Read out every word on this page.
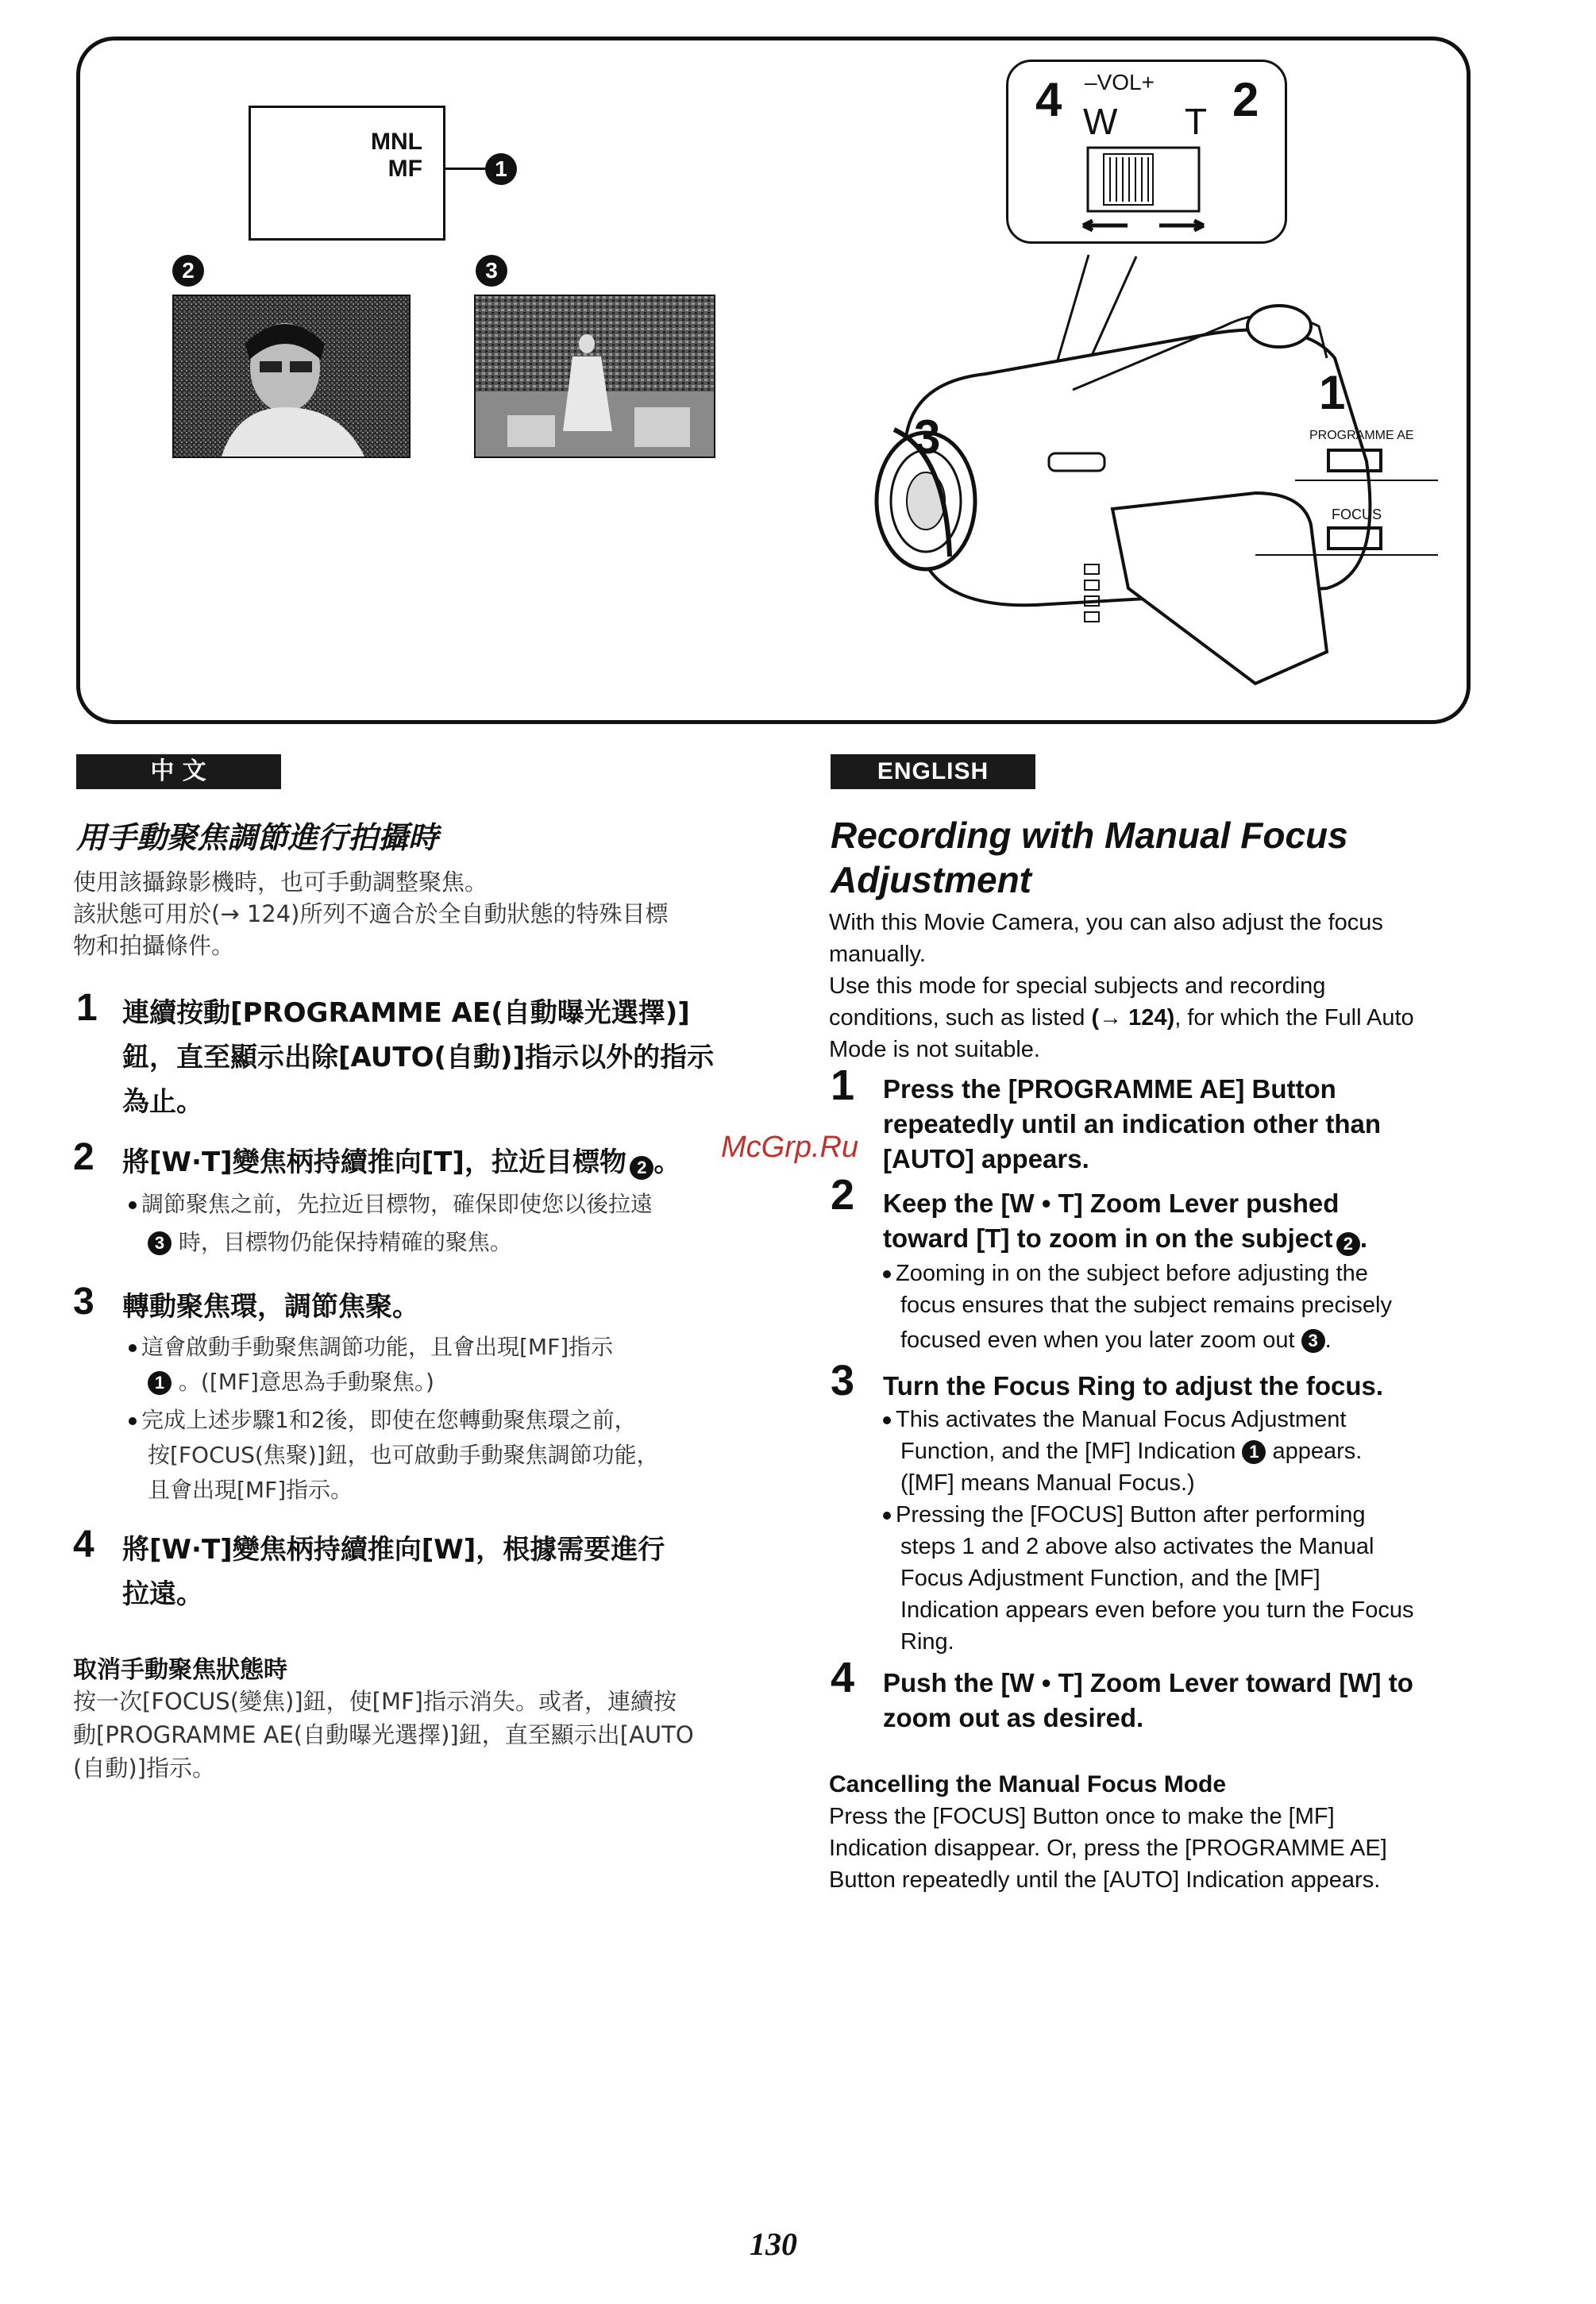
MNL
MF	1
2	3
4	2
–VOL+
W T
3
1
PROGRAMME AE
FOCUS
中 文
用手動聚焦調節進行拍攝時
使用該攝錄影機時，也可手動調整聚焦。
該狀態可用於(→ 124)所列不適合於全自動狀態的特殊目標
物和拍攝條件。
1 連續按動[PROGRAMME AE(自動曝光選擇)]
鈕，直至顯示出除[AUTO(自動)]指示以外的指示
為止。
2 將[W·T]變焦柄持續推向[T]，拉近目標物 2 。
調節聚焦之前，先拉近目標物，確保即使您以後拉遠
3 時，目標物仍能保持精確的聚焦。
3 轉動聚焦環，調節焦聚。
這會啟動手動聚焦調節功能，且會出現[MF]指示
1 。([MF]意思為手動聚焦。)
完成上述步驟1和2後，即使在您轉動聚焦環之前，
按[FOCUS(焦聚)]鈕，也可啟動手動聚焦調節功能，
且會出現[MF]指示。
4 將[W·T]變焦柄持續推向[W]，根據需要進行
拉遠。
取消手動聚焦狀態時
按一次[FOCUS(變焦)]鈕，使[MF]指示消失。或者，連續按
動[PROGRAMME AE(自動曝光選擇)]鈕，直至顯示出[AUTO
(自動)]指示。
ENGLISH
Recording with Manual Focus
Adjustment
With this Movie Camera, you can also adjust the focus
manually.
Use this mode for special subjects and recording
conditions, such as listed (→ 124), for which the Full Auto
Mode is not suitable.
1 Press the [PROGRAMME AE] Button
repeatedly until an indication other than
[AUTO] appears.
2 Keep the [W • T] Zoom Lever pushed
toward [T] to zoom in on the subject 2 .
Zooming in on the subject before adjusting the
focus ensures that the subject remains precisely
focused even when you later zoom out 3 .
3 Turn the Focus Ring to adjust the focus.
This activates the Manual Focus Adjustment
Function, and the [MF] Indication 1 appears.
([MF] means Manual Focus.)
Pressing the [FOCUS] Button after performing
steps 1 and 2 above also activates the Manual
Focus Adjustment Function, and the [MF]
Indication appears even before you turn the Focus
Ring.
4 Push the [W • T] Zoom Lever toward [W] to
zoom out as desired.
Cancelling the Manual Focus Mode
Press the [FOCUS] Button once to make the [MF]
Indication disappear. Or, press the [PROGRAMME AE]
Button repeatedly until the [AUTO] Indication appears.
McGrp.Ru
130
